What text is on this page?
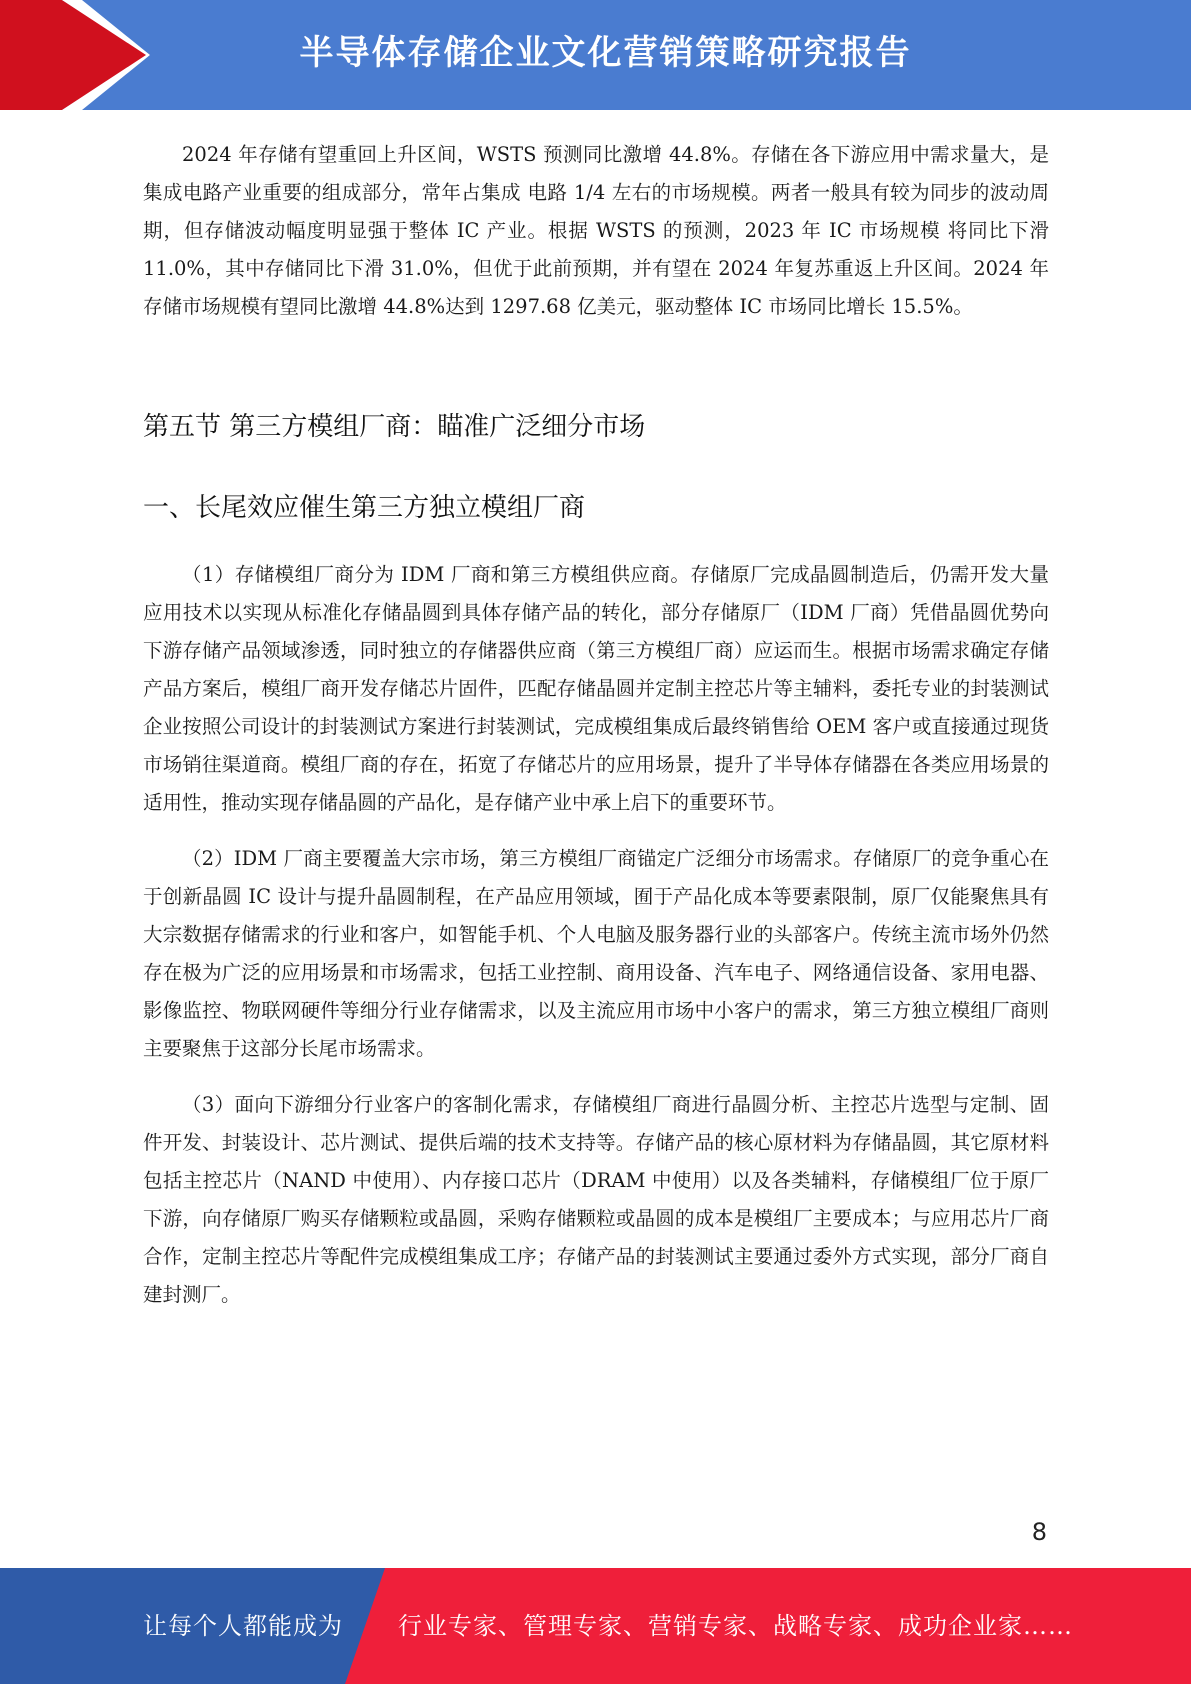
半导体存储企业文化营销策略研究报告

2024 年存储有望重回上升区间，WSTS 预测同比激增 44.8%。存储在各下游应用中需求量大，是集成电路产业重要的组成部分，常年占集成 电路 1/4 左右的市场规模。两者一般具有较为同步的波动周期，但存储波动幅度明显强于整体 IC 产业。根据 WSTS 的预测，2023 年 IC 市场规模 将同比下滑 11.0%，其中存储同比下滑 31.0%，但优于此前预期，并有望在 2024 年复苏重返上升区间。2024 年存储市场规模有望同比激增 44.8%达到 1297.68 亿美元，驱动整体 IC 市场同比增长 15.5%。

第五节 第三方模组厂商：瞄准广泛细分市场
一、长尾效应催生第三方独立模组厂商

（1）存储模组厂商分为 IDM 厂商和第三方模组供应商。存储原厂完成晶圆制造后，仍需开发大量应用技术以实现从标准化存储晶圆到具体存储产品的转化，部分存储原厂（IDM 厂商）凭借晶圆优势向下游存储产品领域渗透，同时独立的存储器供应商（第三方模组厂商）应运而生。根据市场需求确定存储产品方案后，模组厂商开发存储芯片固件，匹配存储晶圆并定制主控芯片等主辅料，委托专业的封装测试企业按照公司设计的封装测试方案进行封装测试，完成模组集成后最终销售给 OEM 客户或直接通过现货市场销往渠道商。模组厂商的存在，拓宽了存储芯片的应用场景，提升了半导体存储器在各类应用场景的适用性，推动实现存储晶圆的产品化，是存储产业中承上启下的重要环节。

（2）IDM 厂商主要覆盖大宗市场，第三方模组厂商锚定广泛细分市场需求。存储原厂的竞争重心在于创新晶圆 IC 设计与提升晶圆制程，在产品应用领域，囿于产品化成本等要素限制，原厂仅能聚焦具有大宗数据存储需求的行业和客户，如智能手机、个人电脑及服务器行业的头部客户。传统主流市场外仍然存在极为广泛的应用场景和市场需求，包括工业控制、商用设备、汽车电子、网络通信设备、家用电器、影像监控、物联网硬件等细分行业存储需求，以及主流应用市场中小客户的需求，第三方独立模组厂商则主要聚焦于这部分长尾市场需求。

（3）面向下游细分行业客户的客制化需求，存储模组厂商进行晶圆分析、主控芯片选型与定制、固件开发、封装设计、芯片测试、提供后端的技术支持等。存储产品的核心原材料为存储晶圆，其它原材料包括主控芯片（NAND 中使用）、内存接口芯片（DRAM 中使用）以及各类辅料，存储模组厂位于原厂下游，向存储原厂购买存储颗粒或晶圆，采购存储颗粒或晶圆的成本是模组厂主要成本；与应用芯片厂商合作，定制主控芯片等配件完成模组集成工序；存储产品的封装测试主要通过委外方式实现，部分厂商自建封测厂。

8
让每个人都能成为 行业专家、管理专家、营销专家、战略专家、成功企业家……
